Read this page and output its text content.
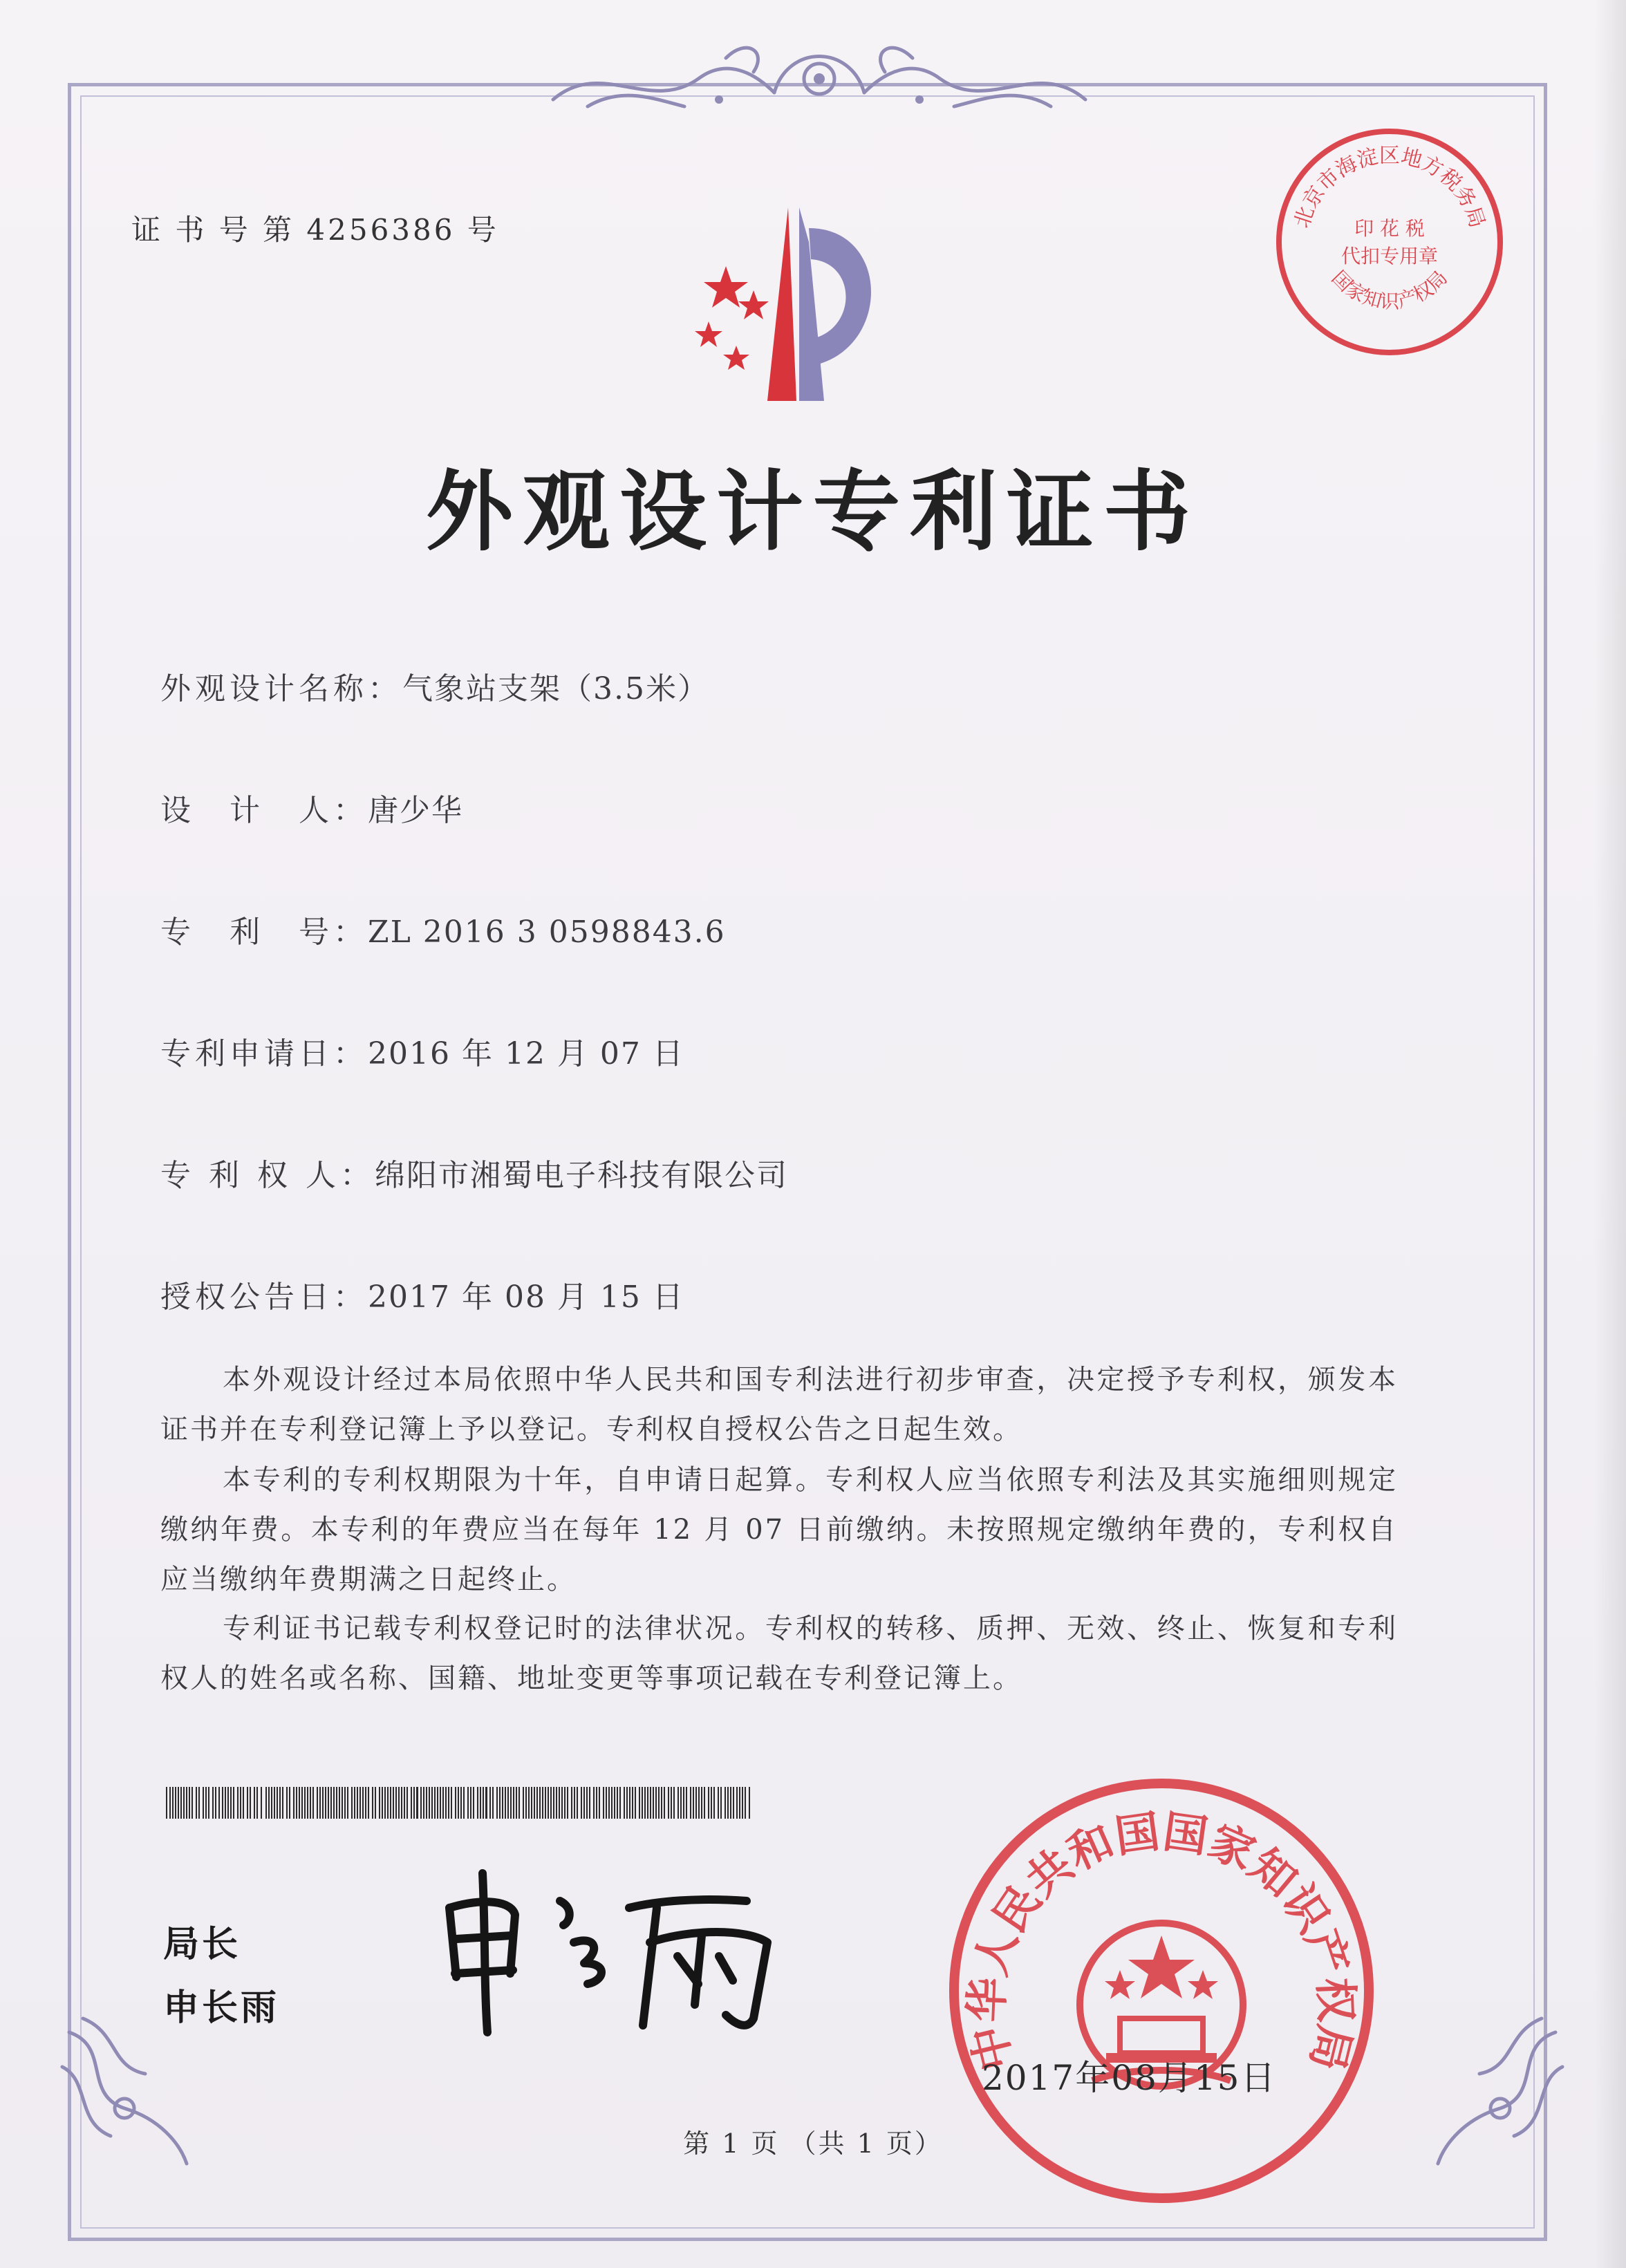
证 书 号 第 4256386 号	北京市海淀区地方税务局
国家知识产权局
印 花 税
代扣专用章
外观设计专利证书
外观设计名称：气象站支架（3.5米）
设　计　人：唐少华
专　利　号：ZL 2016 3 0598843.6
专利申请日：2016 年 12 月 07 日
专 利 权 人：绵阳市湘蜀电子科技有限公司
授权公告日：2017 年 08 月 15 日
本外观设计经过本局依照中华人民共和国专利法进行初步审查，决定授予专利权，颁发本证书并在专利登记簿上予以登记。专利权自授权公告之日起生效。
本专利的专利权期限为十年，自申请日起算。专利权人应当依照专利法及其实施细则规定缴纳年费。本专利的年费应当在每年 12 月 07 日前缴纳。未按照规定缴纳年费的，专利权自应当缴纳年费期满之日起终止。
专利证书记载专利权登记时的法律状况。专利权的转移、质押、无效、终止、恢复和专利权人的姓名或名称、国籍、地址变更等事项记载在专利登记簿上。
局长
申长雨
中华人民共和国国家知识产权局
2017年08月15日
第 1 页 （共 1 页）
